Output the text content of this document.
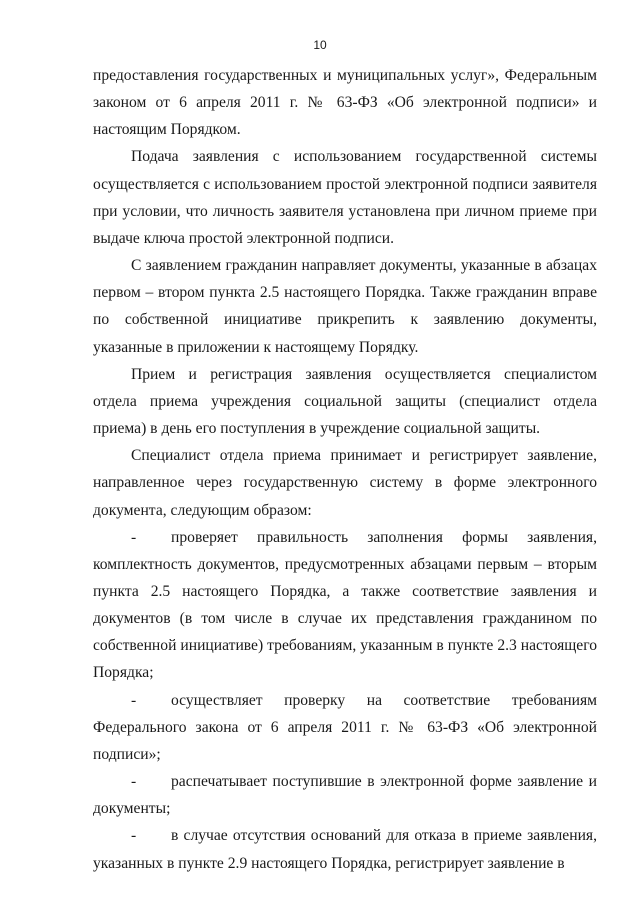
10

предоставления государственных и муниципальных услуг», Федеральным законом от 6 апреля 2011 г. № 63-ФЗ «Об электронной подписи» и настоящим Порядком.

Подача заявления с использованием государственной системы осуществляется с использованием простой электронной подписи заявителя при условии, что личность заявителя установлена при личном приеме при выдаче ключа простой электронной подписи.

С заявлением гражданин направляет документы, указанные в абзацах первом – втором пункта 2.5 настоящего Порядка. Также гражданин вправе по собственной инициативе прикрепить к заявлению документы, указанные в приложении к настоящему Порядку.

Прием и регистрация заявления осуществляется специалистом отдела приема учреждения социальной защиты (специалист отдела приема) в день его поступления в учреждение социальной защиты.

Специалист отдела приема принимает и регистрирует заявление, направленное через государственную систему в форме электронного документа, следующим образом:

- проверяет правильность заполнения формы заявления, комплектность документов, предусмотренных абзацами первым – вторым пункта 2.5 настоящего Порядка, а также соответствие заявления и документов (в том числе в случае их представления гражданином по собственной инициативе) требованиям, указанным в пункте 2.3 настоящего Порядка;

- осуществляет проверку на соответствие требованиям Федерального закона от 6 апреля 2011 г. № 63-ФЗ «Об электронной подписи»;

- распечатывает поступившие в электронной форме заявление и документы;

- в случае отсутствия оснований для отказа в приеме заявления, указанных в пункте 2.9 настоящего Порядка, регистрирует заявление в
